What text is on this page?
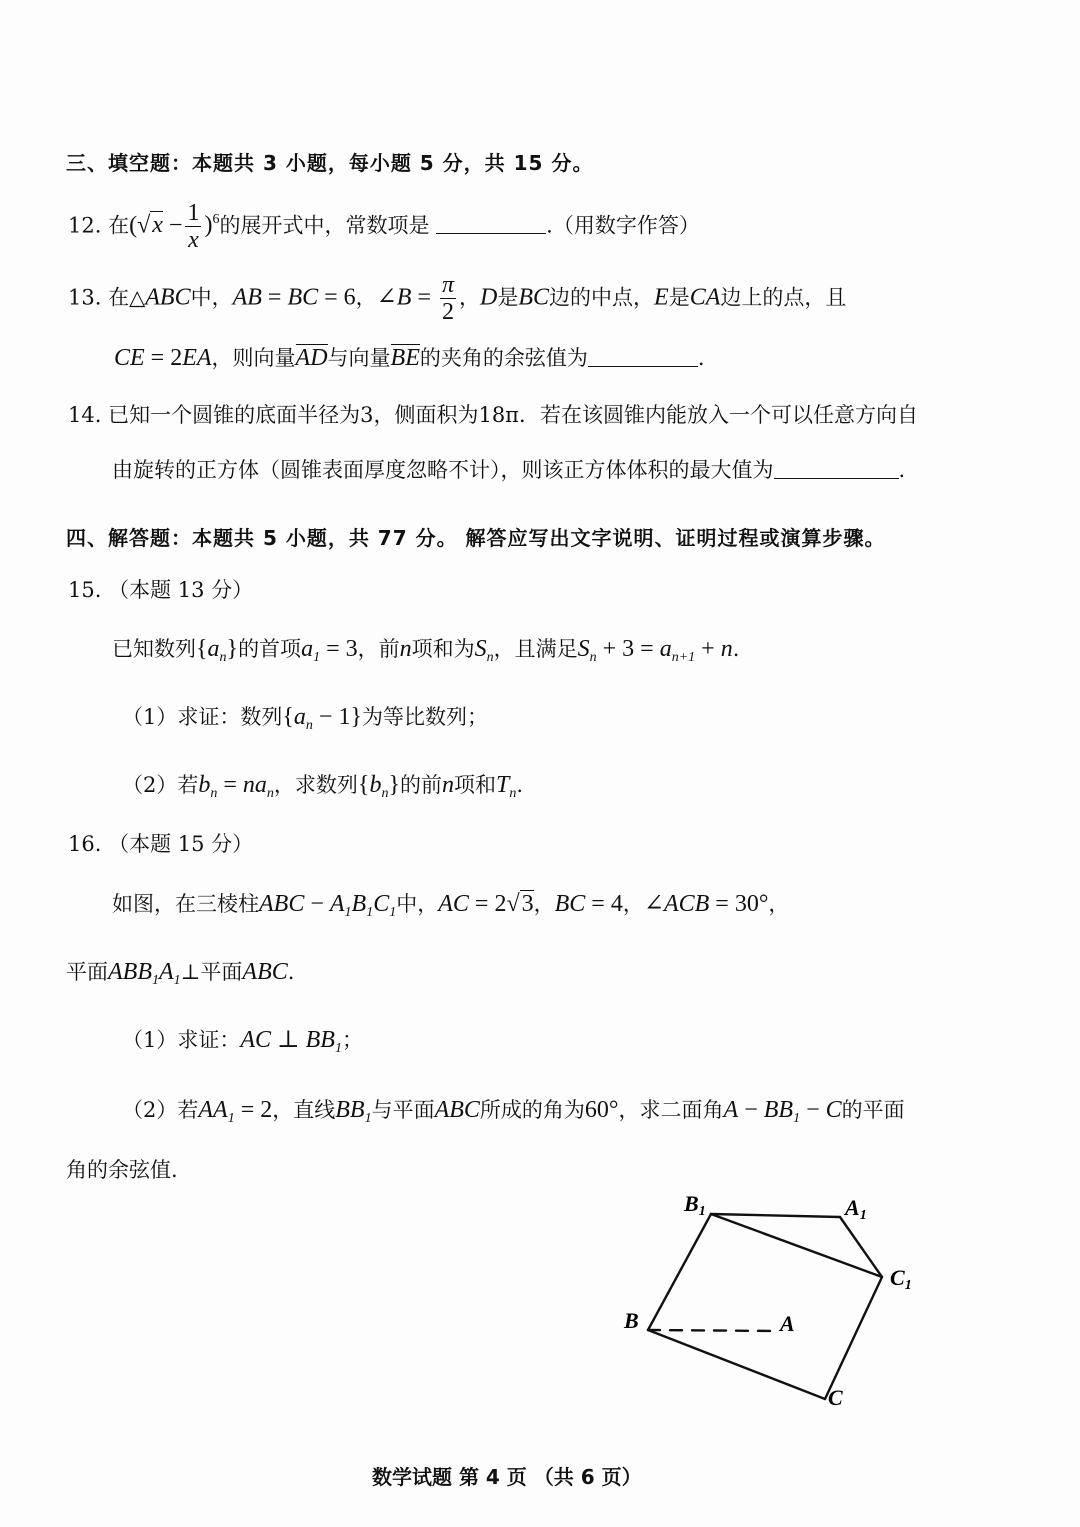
三、填空题：本题共 3 小题，每小题 5 分，共 15 分。
12. 在$(√x - \frac{1}{x} )^6$的展开式中，常数项是	.（用数字作答）
13. 在△ABC中，AB = BC = 6，∠B = $\frac{\pi}{2}$ ，D是BC边的中点，E是CA边上的点，且
CE = 2EA，则向量AD与向量BE的夹角的余弦值为	.
14. 已知一个圆锥的底面半径为3，侧面积为18π．若在该圆锥内能放入一个可以任意方向自
由旋转的正方体（圆锥表面厚度忽略不计），则该正方体体积的最大值为	.
四、解答题：本题共 5 小题，共 77 分。 解答应写出文字说明、证明过程或演算步骤。
15. （本题 13 分）
已知数列$\{a_n\}$的首项$a_1 = 3$，前n项和为$S_n$，且满足$S_n + 3 = a_{n+1} + n$.
（1）求证：数列$\{a_n - 1\}$为等比数列；
（2）若$b_n = na_n$，求数列$\{b_n\}$的前n项和$T_n$.
16. （本题 15 分）
如图，在三棱柱ABC − $A_1B_1C_1$中，AC = 2√3，BC = 4，∠ACB = 30°，
平面$ABB_1A_1\perp$平面ABC.
（1）求证：AC ⊥ $BB_1$；
（2）若$AA_1 = 2$，直线$BB_1$与平面ABC所成的角为60°，求二面角$A - BB_1 - C$的平面
角的余弦值.
B1	A1
C1
B	A
C
数学试题 第 4 页 （共 6 页）
